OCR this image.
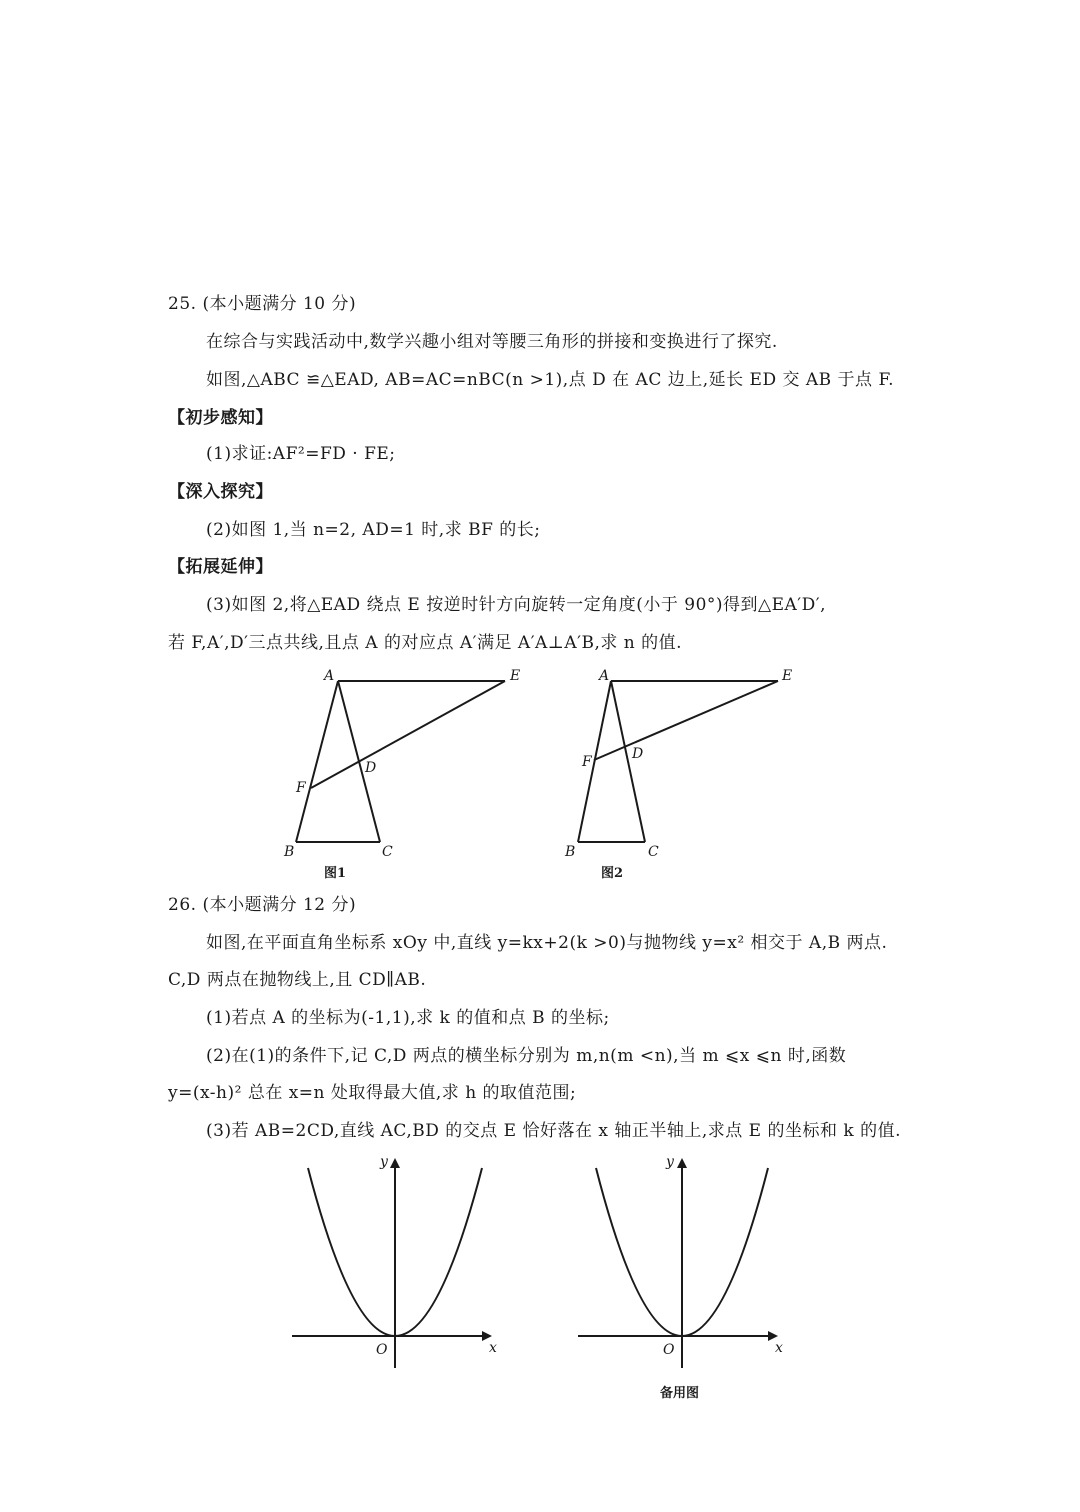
25. (本小题满分 10 分)
在综合与实践活动中,数学兴趣小组对等腰三角形的拼接和变换进行了探究.
如图,△ABC ≌△EAD, AB=AC=nBC(n >1),点 D 在 AC 边上,延长 ED 交 AB 于点 F.
【初步感知】
(1)求证:AF²=FD · FE;
【深入探究】
(2)如图 1,当 n=2, AD=1 时,求 BF 的长;
【拓展延伸】
(3)如图 2,将△EAD 绕点 E 按逆时针方向旋转一定角度(小于 90°)得到△EA′D′,
若 F,A′,D′三点共线,且点 A 的对应点 A′满足 A′A⊥A′B,求 n 的值.
A	E
D
F
B	C
A	E
D
F
B	C
x
y
O	x
y
O
图1	图2
26. (本小题满分 12 分)
如图,在平面直角坐标系 xOy 中,直线 y=kx+2(k >0)与抛物线 y=x² 相交于 A,B 两点.
C,D 两点在抛物线上,且 CD∥AB.
(1)若点 A 的坐标为(-1,1),求 k 的值和点 B 的坐标;
(2)在(1)的条件下,记 C,D 两点的横坐标分别为 m,n(m <n),当 m ⩽x ⩽n 时,函数
y=(x-h)² 总在 x=n 处取得最大值,求 h 的取值范围;
(3)若 AB=2CD,直线 AC,BD 的交点 E 恰好落在 x 轴正半轴上,求点 E 的坐标和 k 的值.
备用图
